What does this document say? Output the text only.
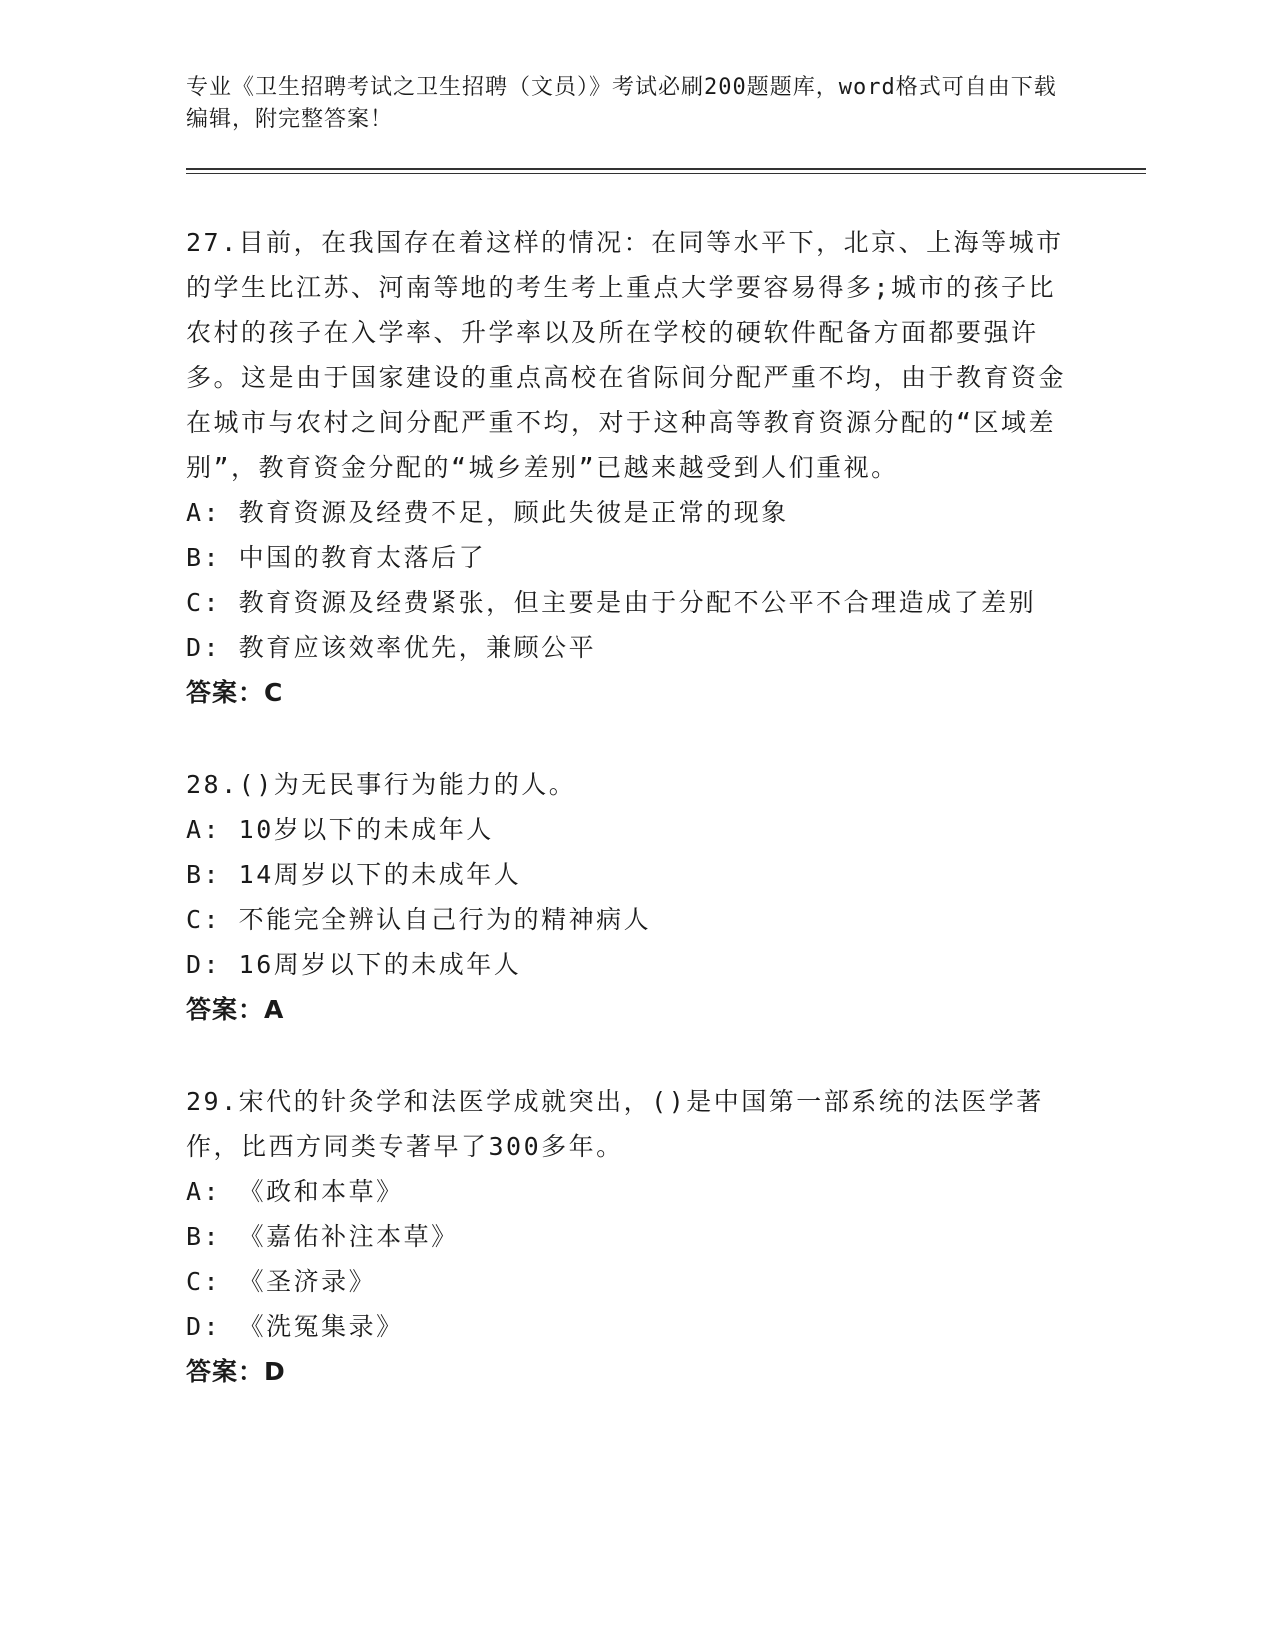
专业《卫生招聘考试之卫生招聘（文员）》考试必刷200题题库，word格式可自由下载编辑，附完整答案！
27.目前，在我国存在着这样的情况：在同等水平下，北京、上海等城市的学生比江苏、河南等地的考生考上重点大学要容易得多;城市的孩子比农村的孩子在入学率、升学率以及所在学校的硬软件配备方面都要强许多。这是由于国家建设的重点高校在省际间分配严重不均，由于教育资金在城市与农村之间分配严重不均，对于这种高等教育资源分配的“区域差别”，教育资金分配的“城乡差别”已越来越受到人们重视。
A: 教育资源及经费不足，顾此失彼是正常的现象
B: 中国的教育太落后了
C: 教育资源及经费紧张，但主要是由于分配不公平不合理造成了差别
D: 教育应该效率优先，兼顾公平
答案：C
28.()为无民事行为能力的人。
A: 10岁以下的未成年人
B: 14周岁以下的未成年人
C: 不能完全辨认自己行为的精神病人
D: 16周岁以下的未成年人
答案：A
29.宋代的针灸学和法医学成就突出，()是中国第一部系统的法医学著作，比西方同类专著早了300多年。
A: 《政和本草》
B: 《嘉佑补注本草》
C: 《圣济录》
D: 《洗冤集录》
答案：D
